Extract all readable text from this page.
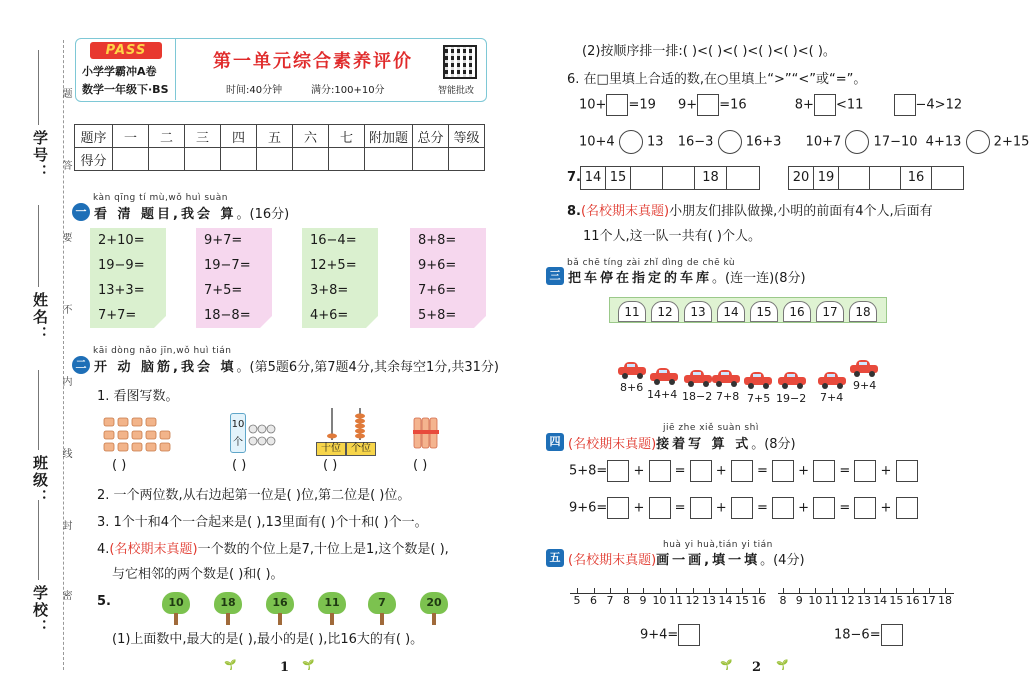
学校：
班级：
姓名：
学号：
题
答
要
不
内
线
封
密
PASS
小学学霸冲A卷
数学一年级下·BS
第一单元综合素养评价
时间:40分钟	满分:100+10分	智能批改
题序	一	二	三	四	五	六	七	附加题	总分	等级
得分										
kàn qīng tí mù,wǒ huì suàn
一 看 清 题目,我会 算。(16分)
2+10=
19−9=
13+3=
7+7=
9+7=
19−7=
7+5=
18−8=
16−4=
12+5=
3+8=
4+6=
8+8=
9+6=
7+6=
5+8=
kāi dòng nǎo jīn,wǒ huì tián
二 开 动 脑筋,我会 填。(第5题6分,第7题4分,其余每空1分,共31分)
1. 看图写数。
( )
10个
( )
十位	个位
( )	( )
2. 一个两位数,从右边起第一位是( )位,第二位是( )位。
3. 1个十和4个一合起来是( ),13里面有( )个十和( )个一。
4.(名校期末真题)一个数的个位上是7,十位上是1,这个数是( ),
与它相邻的两个数是( )和( )。
5.	10	18	16	11	7	20
(1)上面数中,最大的是( ),最小的是( ),比16大的有( )。
🌱	1 🌱
(2)按顺序排一排:( )<( )<( )<( )<( )<( )。
6. 在□里填上合适的数,在○里填上“>”“<”或“=”。
10+ =19 9+ =16	8+ <11	−4>12
10+4 13 16−3 16+3 10+7 17−10 4+13 2+15
7. 14 15	18	20 19	16
8.(名校期末真题)小朋友们排队做操,小明的前面有4个人,后面有
11个人,这一队一共有( )个人。
bǎ chē tíng zài zhǐ dìng de chē kù
三 把车停在指定的车库。(连一连)(8分)
11	12	13	14	15	16	17	18
8+6
14+4 18−2 7+8 7+5 19−2 7+4
9+4
jiē zhe xiě suàn shì
四 (名校期末真题)接着写 算 式。(8分)
5+8= +  =  +  =  +  =  +
9+6= +  =  +  =  +  =  +
huà yi huà,tián yi tián
五 (名校期末真题)画一画,填一填。(4分)
5 6 7 8 9 10 11 12 13 14 15 16	8 9 10 11 12 13 14 15 16 17 18
9+4=	18−6=
🌱 2 🌱
